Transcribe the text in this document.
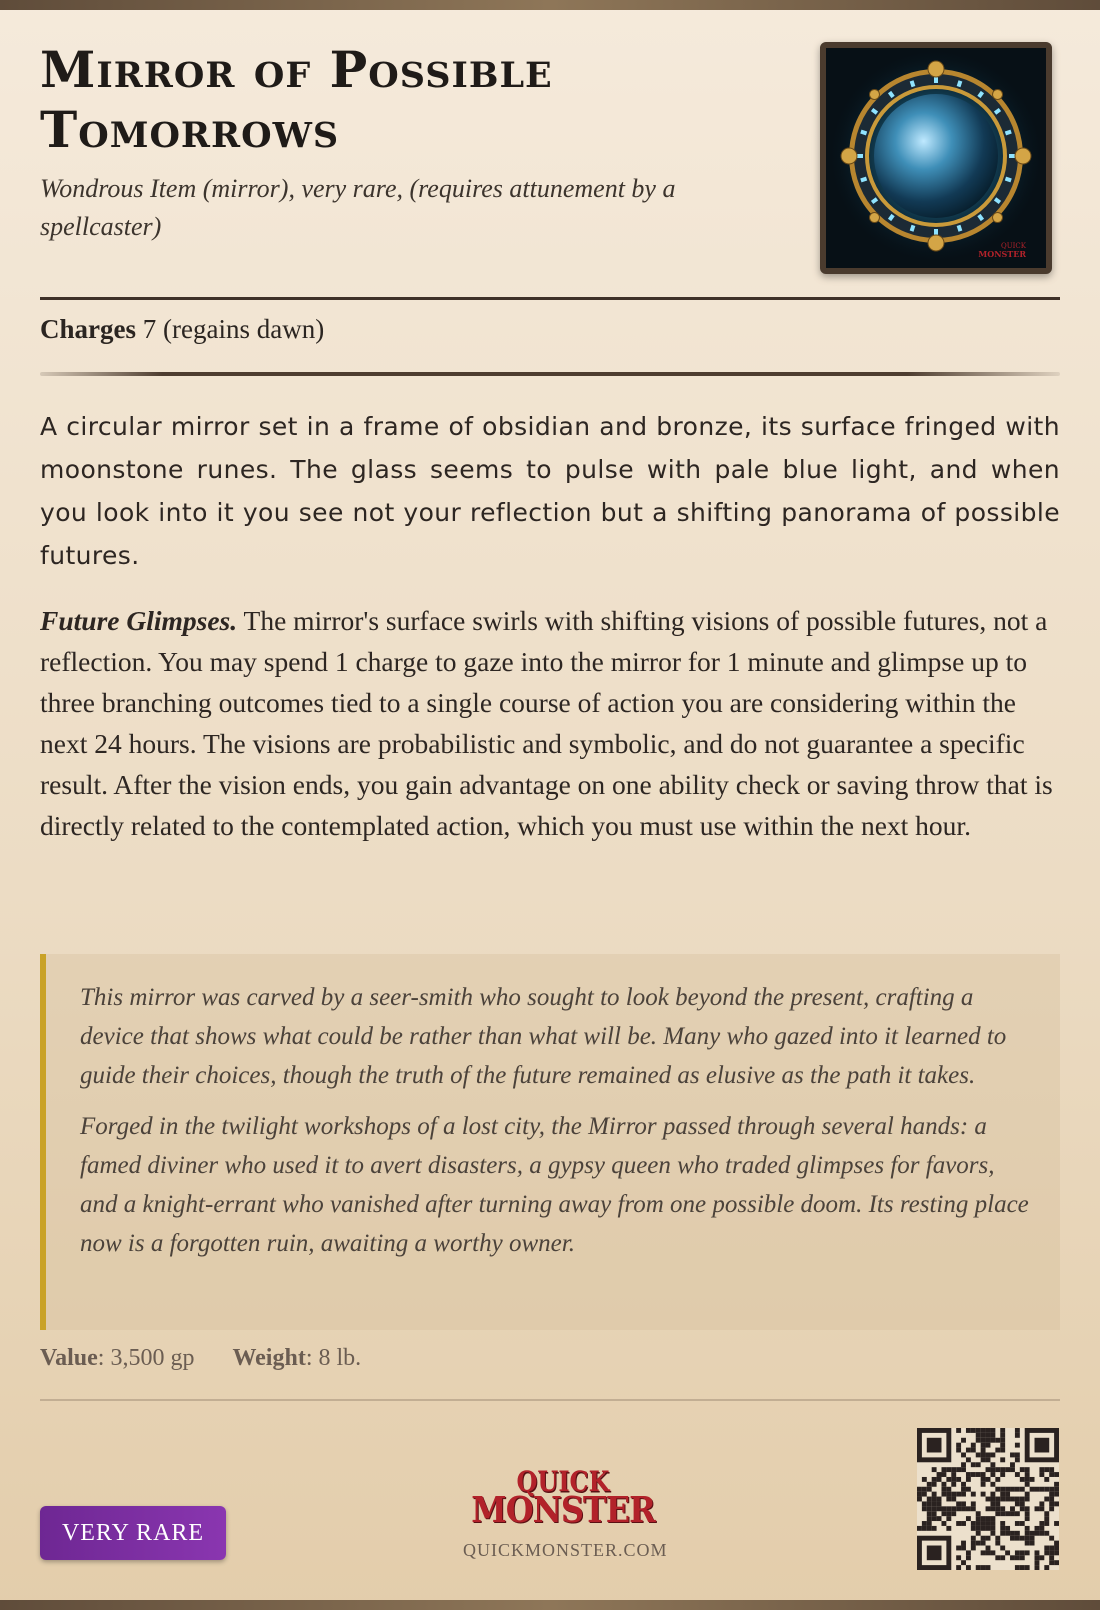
Mirror of Possible Tomorrows
Wondrous Item (mirror), very rare, (requires attunement by a spellcaster)
QUICK
MONSTER
Charges 7 (regains dawn)

A circular mirror set in a frame of obsidian and bronze, its surface fringed with moonstone runes. The glass seems to pulse with pale blue light, and when you look into it you see not your reflection but a shifting panorama of possible futures.

Future Glimpses. The mirror's surface swirls with shifting visions of possible futures, not a reflection. You may spend 1 charge to gaze into the mirror for 1 minute and glimpse up to three branching outcomes tied to a single course of action you are considering within the next 24 hours. The visions are probabilistic and symbolic, and do not guarantee a specific result. After the vision ends, you gain advantage on one ability check or saving throw that is directly related to the contemplated action, which you must use within the next hour.

This mirror was carved by a seer-smith who sought to look beyond the present, crafting a device that shows what could be rather than what will be. Many who gazed into it learned to guide their choices, though the truth of the future remained as elusive as the path it takes.

Forged in the twilight workshops of a lost city, the Mirror passed through several hands: a famed diviner who used it to avert disasters, a gypsy queen who traded glimpses for favors, and a knight-errant who vanished after turning away from one possible doom. Its resting place now is a forgotten ruin, awaiting a worthy owner.

Value: 3,500 gp Weight: 8 lb.
VERY RARE
QUICK
MONSTER
QUICKMONSTER.COM
